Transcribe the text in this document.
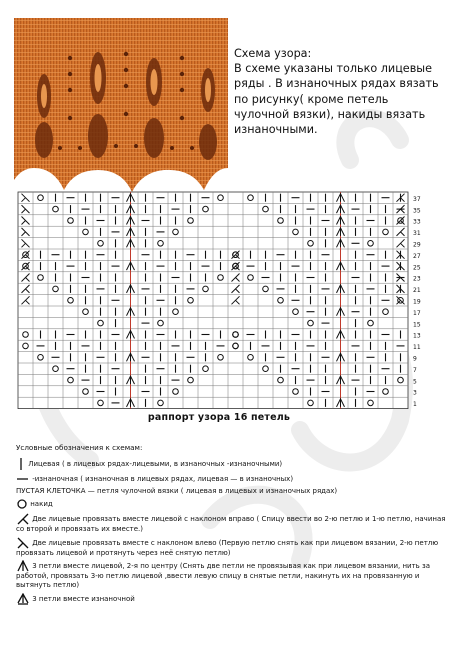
Схема узора:

В схеме указаны только лицевые ряды . В изнаночных рядах вязать по рисунку( кроме петель чулочной вязки), накиды вязать изнаночными.

37
35
33
31
29
27
25
23
21
19
17
15
13
11
9
7
5
3
1
раппорт узора 16 петель
Условные обозначения к схемам:
Лицевая ( в лицевых рядах-лицевыми, в изнаночных -изнаночными)
-изнаночная ( изнаночная в лицевых рядах, лицевая — в изнаночных)
ПУСТАЯ КЛЕТОЧКА — петля чулочной вязки ( лицевая в лицевых и изнаночных рядах)
накид
Две лицевые провязать вместе лицевой с наклоном вправо ( Спицу ввести во 2-ю петлю и 1-ю петлю, начиная со второй и провязать их вместе.)
Две лицевые провязать вместе с наклоном влево (Первую петлю снять как при лицевом вязании, 2-ю петлю провязать лицевой и протянуть через неё снятую петлю)
3 петли вместе лицевой, 2-я по центру (Снять две петли не провязывая как при лицевом вязании, нить за работой, провязать 3-ю петлю лицевой ,ввести левую спицу в снятые петли, накинуть их на провязанную и вытянуть петлю)
3 петли вместе изнаночной
